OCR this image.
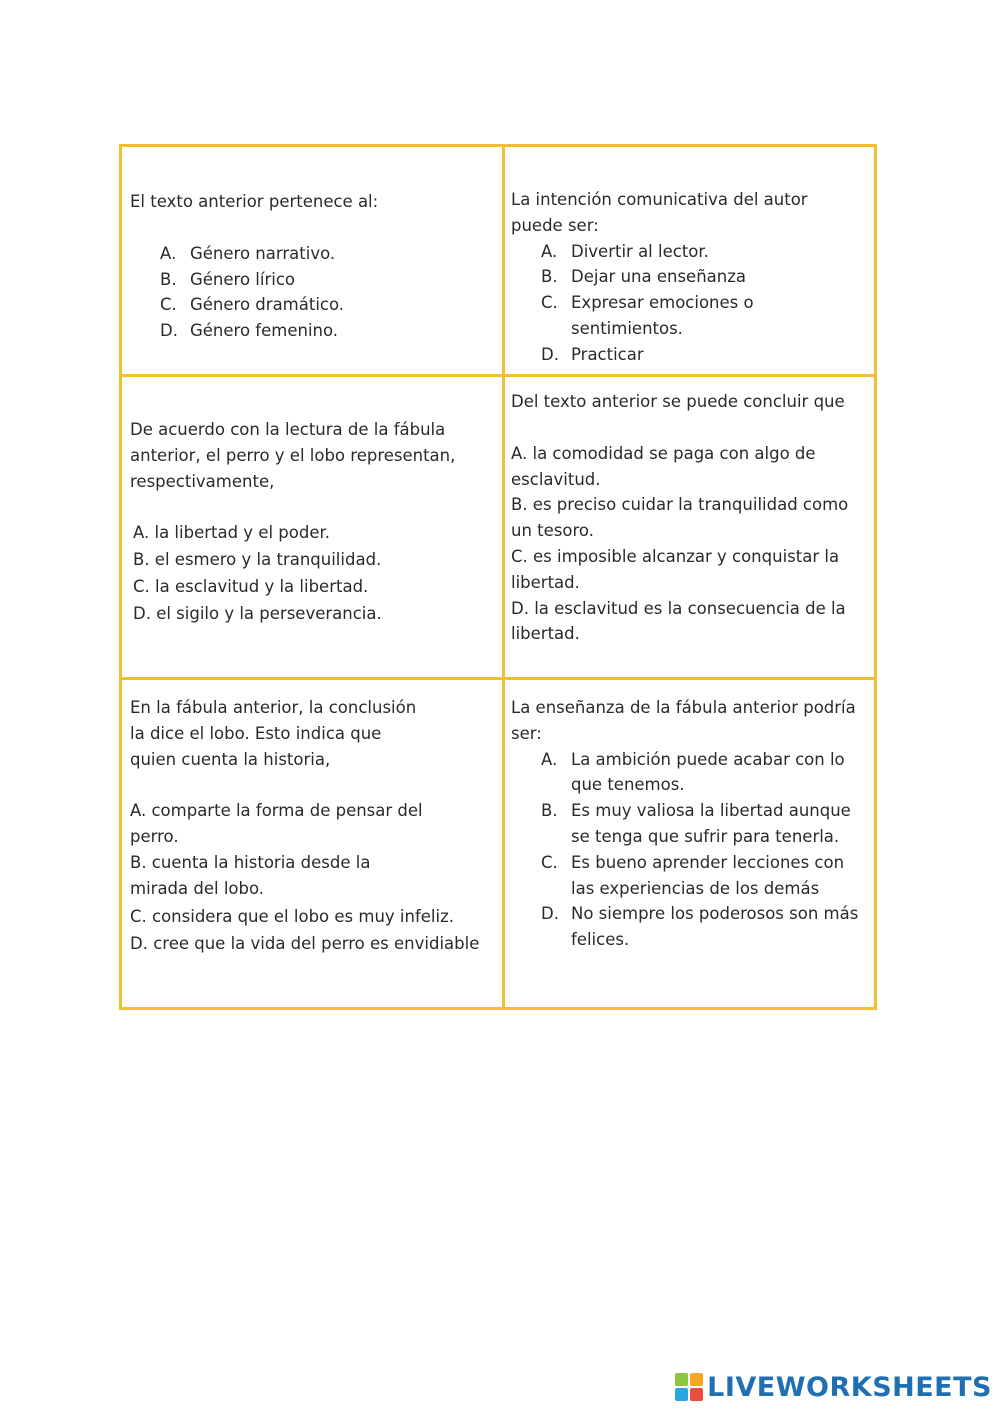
El texto anterior pertenece al:

A. Género narrativo.
B. Género lírico
C. Género dramático.
D. Género femenino.

La intención comunicativa del autor

puede ser:

A. Divertir al lector.
B. Dejar una enseñanza
C. Expresar emociones o
sentimientos.
D. Practicar

De acuerdo con la lectura de la fábula

anterior, el perro y el lobo representan,

respectivamente,

A. la libertad y el poder.

B. el esmero y la tranquilidad.

C. la esclavitud y la libertad.

D. el sigilo y la perseverancia.

Del texto anterior se puede concluir que

A. la comodidad se paga con algo de

esclavitud.

B. es preciso cuidar la tranquilidad como

un tesoro.

C. es imposible alcanzar y conquistar la

libertad.

D. la esclavitud es la consecuencia de la

libertad.

En la fábula anterior, la conclusión

la dice el lobo. Esto indica que

quien cuenta la historia,

A. comparte la forma de pensar del

perro.

B. cuenta la historia desde la

mirada del lobo.

C. considera que el lobo es muy infeliz.

D. cree que la vida del perro es envidiable

La enseñanza de la fábula anterior podría

ser:

A. La ambición puede acabar con lo
que tenemos.
B. Es muy valiosa la libertad aunque
se tenga que sufrir para tenerla.
C. Es bueno aprender lecciones con
las experiencias de los demás
D. No siempre los poderosos son más
felices.
LIVEWORKSHEETS
